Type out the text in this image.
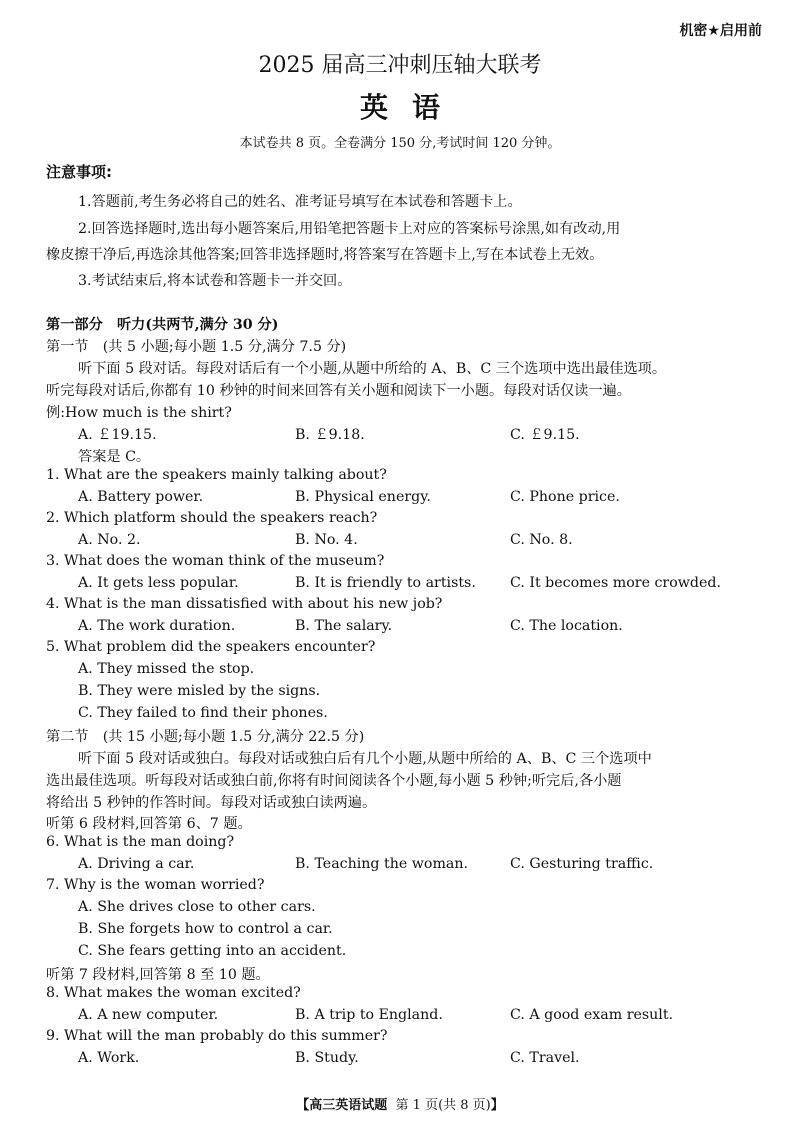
机密★启用前
2025 届高三冲刺压轴大联考
英语
本试卷共 8 页。全卷满分 150 分,考试时间 120 分钟。
注意事项:
1.答题前,考生务必将自己的姓名、准考证号填写在本试卷和答题卡上。
2.回答选择题时,选出每小题答案后,用铅笔把答题卡上对应的答案标号涂黑,如有改动,用
橡皮擦干净后,再选涂其他答案;回答非选择题时,将答案写在答题卡上,写在本试卷上无效。
3.考试结束后,将本试卷和答题卡一并交回。
第一部分　听力(共两节,满分 30 分)
第一节　(共 5 小题;每小题 1.5 分,满分 7.5 分)
听下面 5 段对话。每段对话后有一个小题,从题中所给的 A、B、C 三个选项中选出最佳选项。
听完每段对话后,你都有 10 秒钟的时间来回答有关小题和阅读下一小题。每段对话仅读一遍。
例:How much is the shirt?
A. ￡19.15.	B. ￡9.18.	C. ￡9.15.
答案是 C。
1. What are the speakers mainly talking about?
A. Battery power.	B. Physical energy.	C. Phone price.
2. Which platform should the speakers reach?
A. No. 2.	B. No. 4.	C. No. 8.
3. What does the woman think of the museum?
A. It gets less popular.	B. It is friendly to artists. C. It becomes more crowded.
4. What is the man dissatisfied with about his new job?
A. The work duration.	B. The salary.	C. The location.
5. What problem did the speakers encounter?
A. They missed the stop.
B. They were misled by the signs.
C. They failed to find their phones.
第二节　(共 15 小题;每小题 1.5 分,满分 22.5 分)
听下面 5 段对话或独白。每段对话或独白后有几个小题,从题中所给的 A、B、C 三个选项中
选出最佳选项。听每段对话或独白前,你将有时间阅读各个小题,每小题 5 秒钟;听完后,各小题
将给出 5 秒钟的作答时间。每段对话或独白读两遍。
听第 6 段材料,回答第 6、7 题。
6. What is the man doing?
A. Driving a car.	B. Teaching the woman.	C. Gesturing traffic.
7. Why is the woman worried?
A. She drives close to other cars.
B. She forgets how to control a car.
C. She fears getting into an accident.
听第 7 段材料,回答第 8 至 10 题。
8. What makes the woman excited?
A. A new computer.	B. A trip to England.	C. A good exam result.
9. What will the man probably do this summer?
A. Work.	B. Study.	C. Travel.
【高三英语试题 第 1 页(共 8 页)】
